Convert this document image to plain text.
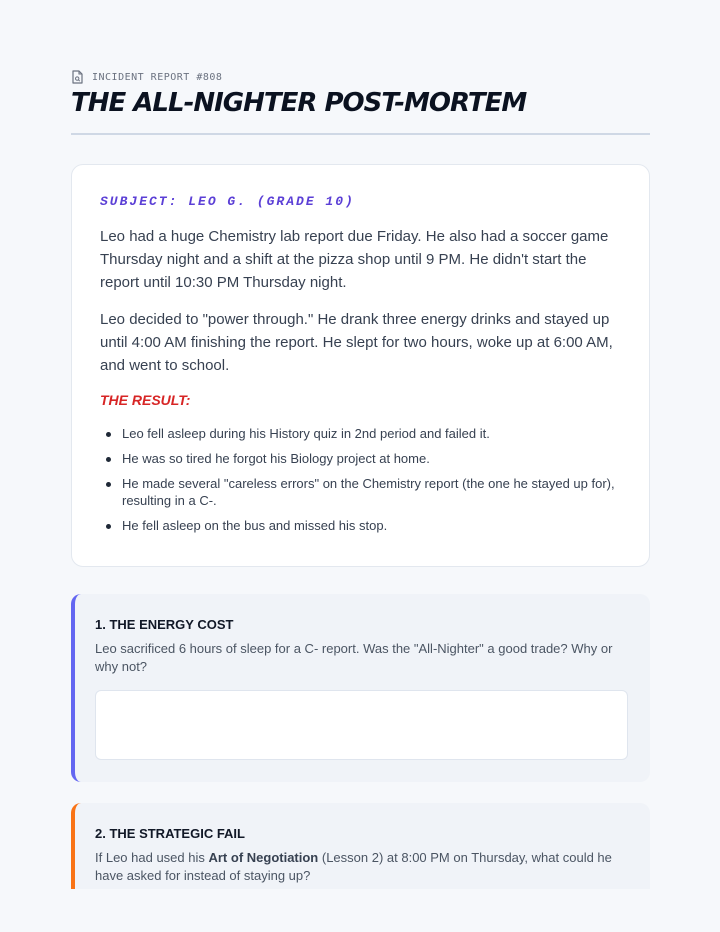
INCIDENT REPORT #808
THE ALL-NIGHTER POST-MORTEM
SUBJECT: LEO G. (GRADE 10)

Leo had a huge Chemistry lab report due Friday. He also had a soccer game Thursday night and a shift at the pizza shop until 9 PM. He didn't start the report until 10:30 PM Thursday night.

Leo decided to "power through." He drank three energy drinks and stayed up until 4:00 AM finishing the report. He slept for two hours, woke up at 6:00 AM, and went to school.

THE RESULT:
Leo fell asleep during his History quiz in 2nd period and failed it.
He was so tired he forgot his Biology project at home.
He made several "careless errors" on the Chemistry report (the one he stayed up for), resulting in a C-.
He fell asleep on the bus and missed his stop.
1. THE ENERGY COST

Leo sacrificed 6 hours of sleep for a C- report. Was the "All-Nighter" a good trade? Why or why not?

2. THE STRATEGIC FAIL

If Leo had used his Art of Negotiation (Lesson 2) at 8:00 PM on Thursday, what could he have asked for instead of staying up?
